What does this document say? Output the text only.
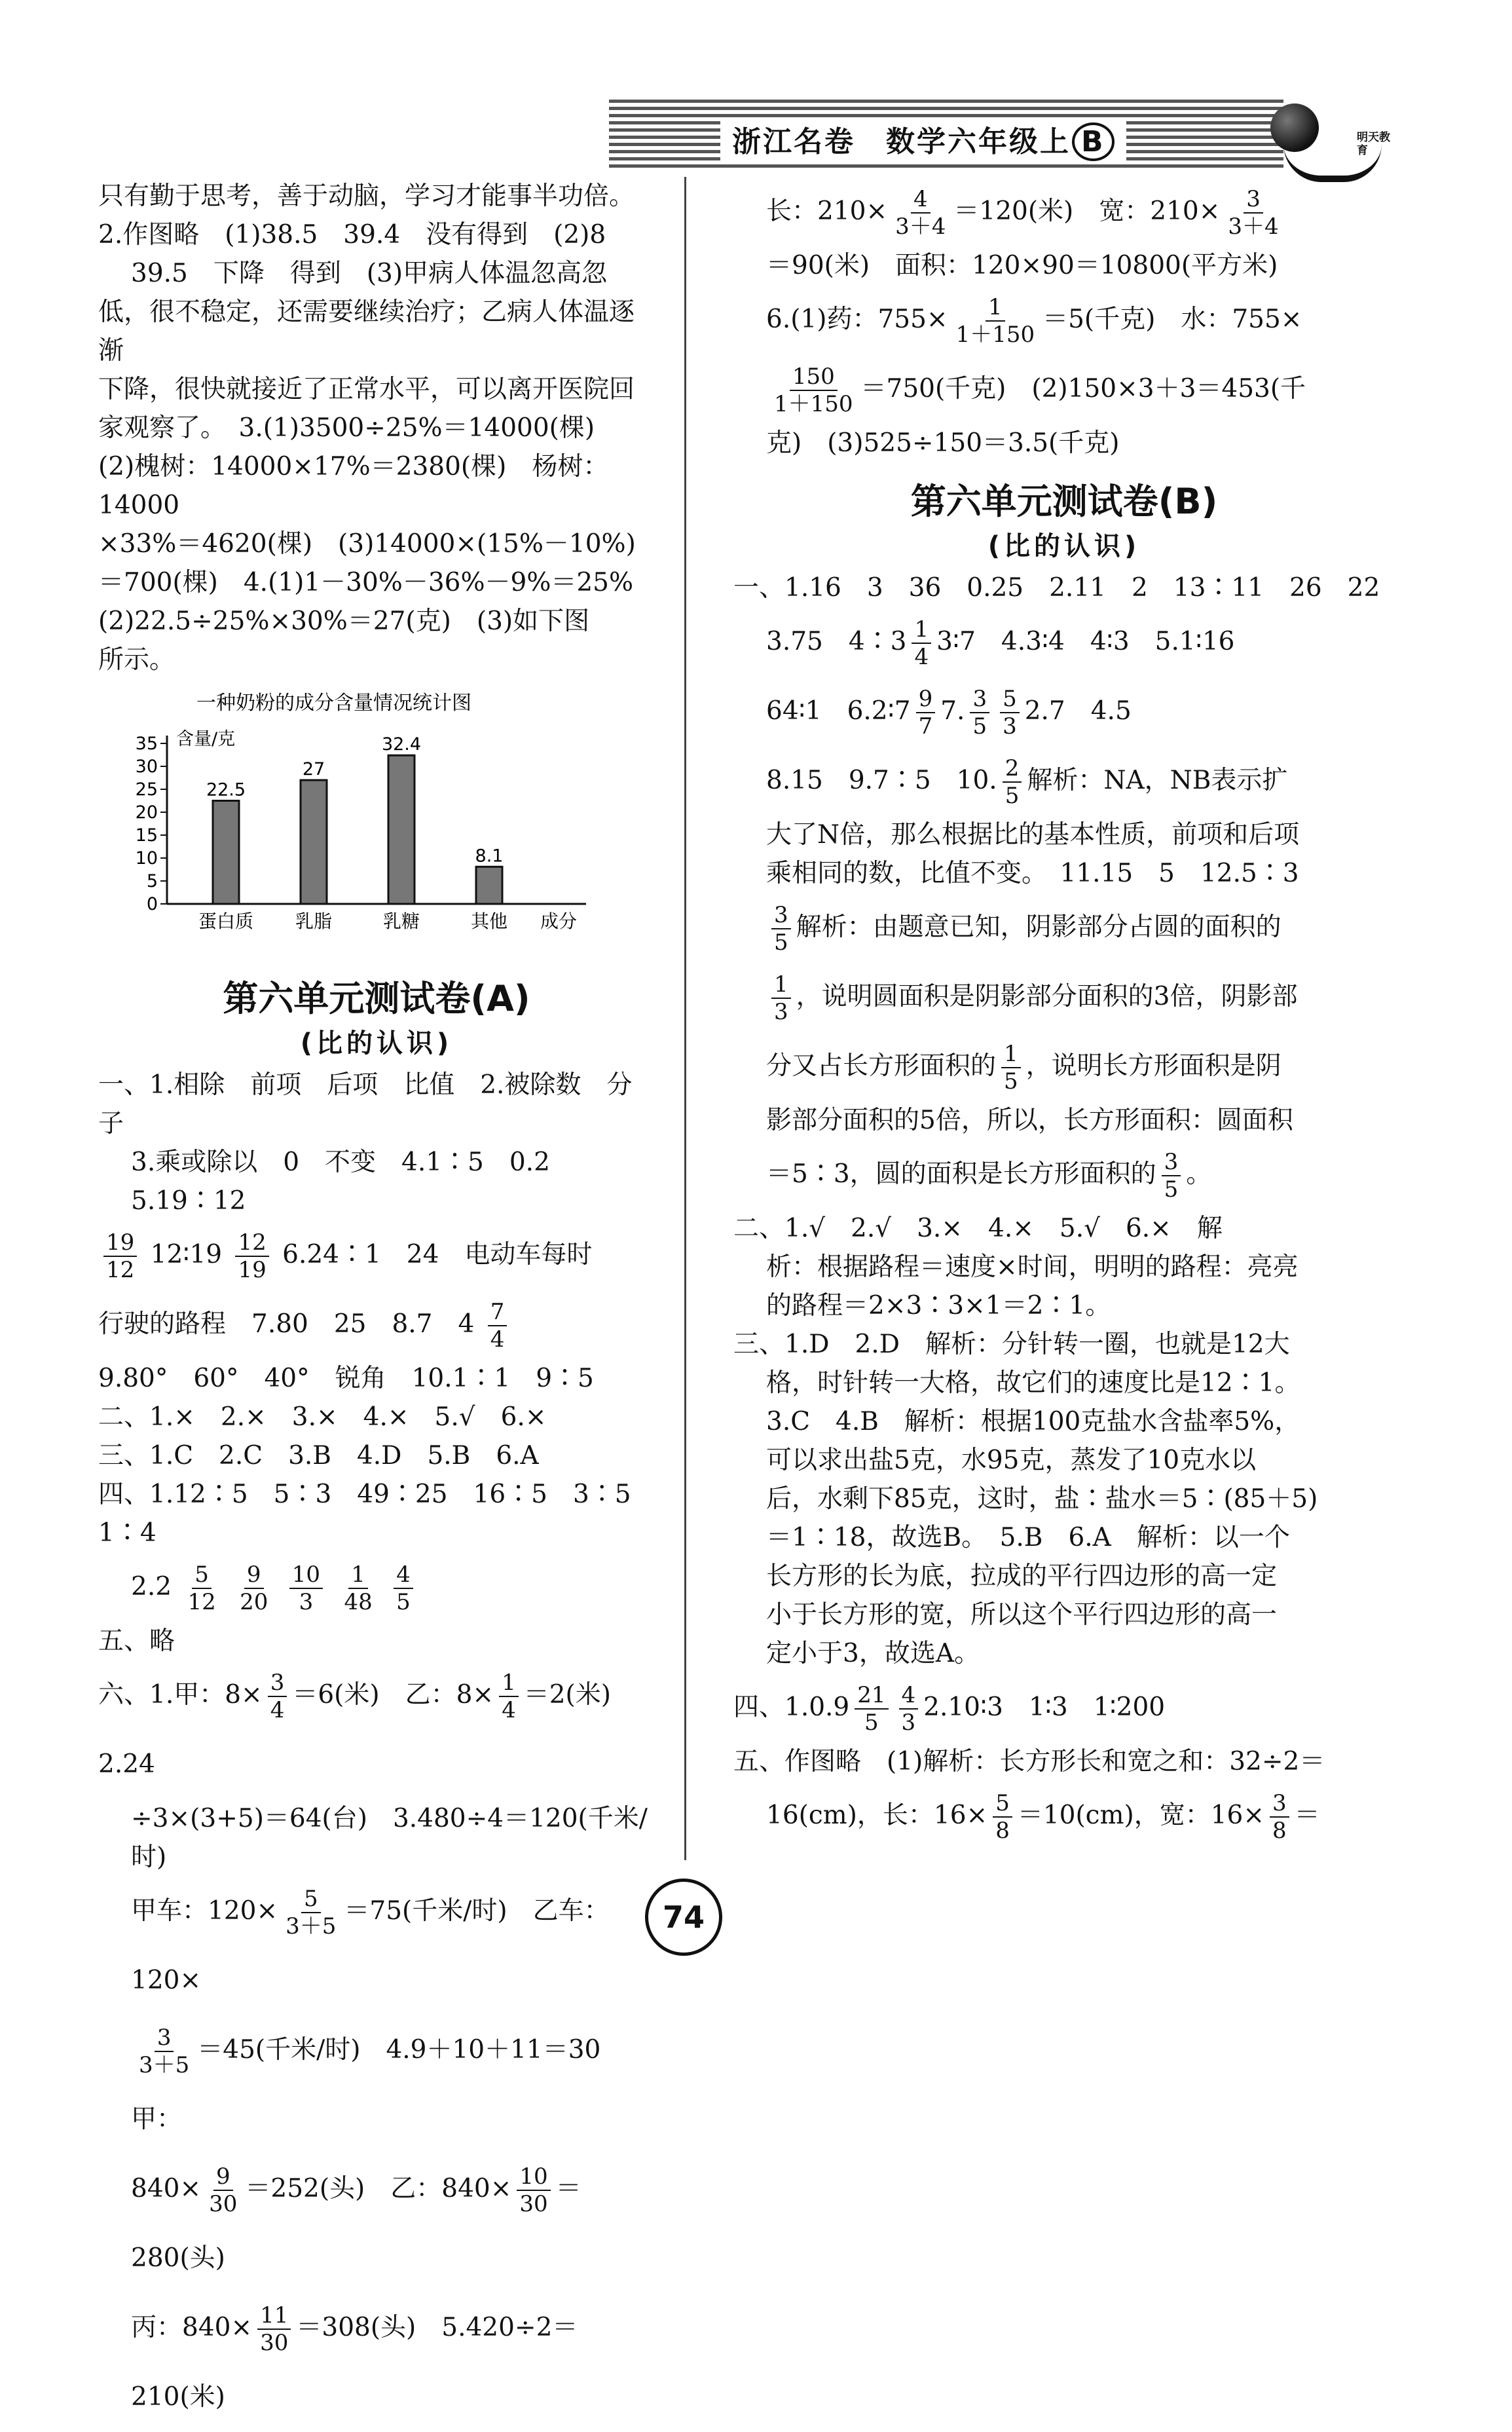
浙江名卷　数学六年级上 B	明天教育

只有勤于思考，善于动脑，学习才能事半功倍。

2.作图略　(1)38.5　39.4　没有得到　(2)8

39.5　下降　得到　(3)甲病人体温忽高忽

低，很不稳定，还需要继续治疗；乙病人体温逐渐

下降，很快就接近了正常水平，可以离开医院回

家观察了。　3.(1)3500÷25%＝14000(棵)

(2)槐树：14000×17%＝2380(棵)　杨树：14000

×33%＝4620(棵)　(3)14000×(15%－10%)

＝700(棵)　4.(1)1－30%－36%－9%＝25%

(2)22.5÷25%×30%＝27(克)　(3)如下图

所示。

一种奶粉的成分含量情况统计图
含量/克
成分
0
5
10
15
20
25
30
35
22.5
蛋白质
27
乳脂
32.4
乳糖
8.1
其他
第六单元测试卷(A)
(比的认识)

一、1.相除　前项　后项　比值　2.被除数　分子

3.乘或除以　0　不变　4.1∶5　0.2　5.19∶12

$\frac{19}{12}$ 12∶19 $\frac{12}{19}$ 6.24∶1　24　电动车每时

行驶的路程　7.80　25　8.7　$4 \frac{7}{4}$

9.80°　60°　40°　锐角　10.1∶1　9∶5

二、1.×　2.×　3.×　4.×　5.√　6.×

三、1.C　2.C　3.B　4.D　5.B　6.A

四、1.12∶5　5∶3　49∶25　16∶5　3∶5　1∶4

$2.2 \frac{5}{12}$
$\frac{9}{20}$
$\frac{10}{3}$
$\frac{1}{48}$
$\frac{4}{5}$

五、略

六、1.甲：$8\times \frac{3}{4} =6$(米)　乙：$8\times \frac{1}{4} =2$(米)　2.24

÷3×(3+5)＝64(台)　3.480÷4＝120(千米/时)

甲车：$120\times \frac{5}{3+5} =75$(千米/时)　乙车：120×

$\frac{3}{3+5} =45$(千米/时)　4.9＋10＋11＝30　甲：

$840\times \frac{9}{30} =252$(头)　乙：$840\times \frac{10}{30} =280$(头)

丙：$840\times \frac{11}{30} =308$(头)　5.420÷2＝210(米)

长：$210\times \frac{4}{3+4} =120$(米)　宽：$210\times \frac{3}{3+4}$

＝90(米)　面积：120×90＝10800(平方米)

6.(1)药：$755\times \frac{1}{1+150} =5$(千克)　水：755×

$\frac{150}{1+150} =750$(千克)　(2)150×3＋3＝453(千

克)　(3)525÷150＝3.5(千克)

第六单元测试卷(B)
(比的认识)

一、1.16　3　36　0.25　2.11　2　13∶11　26　22

3.75　4∶3 $\frac{1}{4}$ 3∶7　4.3∶4　4∶3　5.1∶16

64∶1　6.2∶7 $\frac{9}{7} 7$. $\frac{3}{5} \frac{5}{3} 2.7$　4.5

8.15　9.7∶5　10. $\frac{2}{5}$ 解析：NA，NB表示扩

大了N倍，那么根据比的基本性质，前项和后项

乘相同的数，比值不变。　11.15　5　12.5∶3

$\frac{3}{5}$ 解析：由题意已知，阴影部分占圆的面积的

$\frac{1}{3}$ ，说明圆面积是阴影部分面积的3倍，阴影部

分又占长方形面积的 $\frac{1}{5}$ ，说明长方形面积是阴

影部分面积的5倍，所以，长方形面积：圆面积

＝5∶3，圆的面积是长方形面积的 $\frac{3}{5}$ 。

二、1.√　2.√　3.×　4.×　5.√　6.×　解

析：根据路程＝速度×时间，明明的路程：亮亮

的路程＝2×3∶3×1＝2∶1。

三、1.D　2.D　解析：分针转一圈，也就是12大

格，时针转一大格，故它们的速度比是12∶1。

3.C　4.B　解析：根据100克盐水含盐率5%，

可以求出盐5克，水95克，蒸发了10克水以

后，水剩下85克，这时，盐∶盐水＝5∶(85＋5)

＝1∶18，故选B。　5.B　6.A　解析：以一个

长方形的长为底，拉成的平行四边形的高一定

小于长方形的宽，所以这个平行四边形的高一

定小于3，故选A。

四、$1.0.9 \frac{21}{5} \frac{4}{3}$ 2.10∶3　1∶3　1∶200

五、作图略　(1)解析：长方形长和宽之和：32÷2＝

16(cm)，长：$16\times \frac{5}{8} =10(cm)$，宽：$16\times \frac{3}{8}$ ＝

74
